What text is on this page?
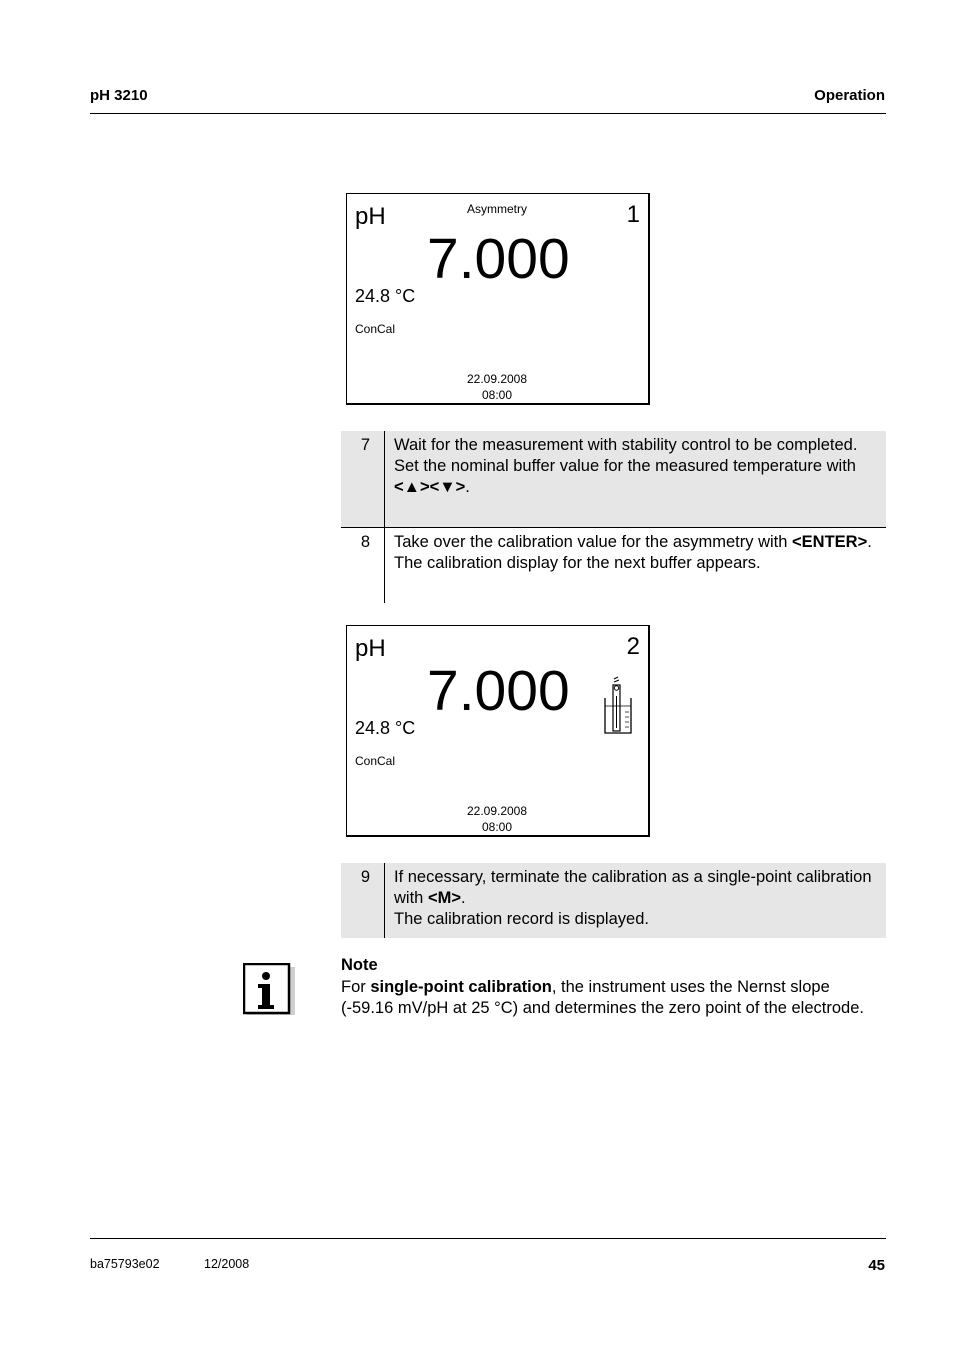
pH 3210	Operation
pH	Asymmetry	1
7.000
24.8 °C
ConCal
22.09.2008
08:00
7	Wait for the measurement with stability control to be completed.

Set the nominal buffer value for the measured temperature with <▲><▼>.

8	Take over the calibration value for the asymmetry with <ENTER>.

The calibration display for the next buffer appears.

pH	2
7.000
24.8 °C
ConCal
22.09.2008
08:00
9	If necessary, terminate the calibration as a single-point calibration with <M>.

The calibration record is displayed.

Note
For single-point calibration, the instrument uses the Nernst slope (-59.16 mV/pH at 25 °C) and determines the zero point of the electrode.
ba75793e02	12/2008	45
